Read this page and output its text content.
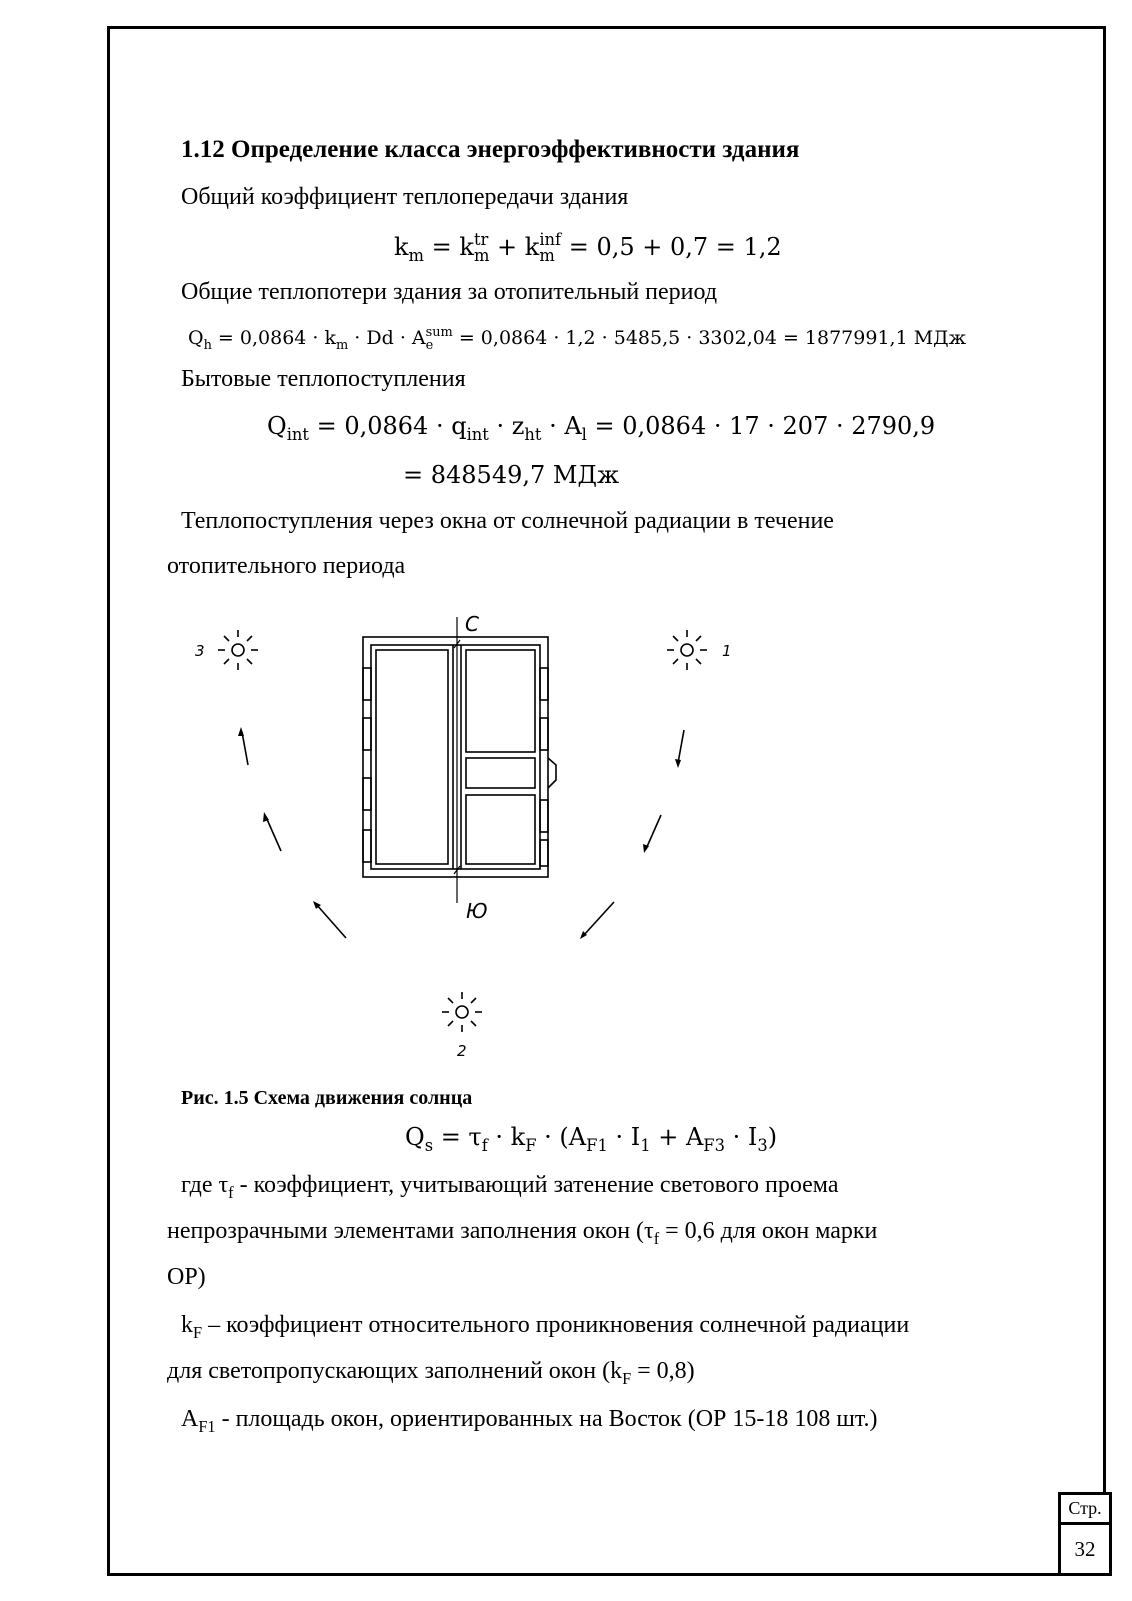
1.12 Определение класса энергоэффективности здания
Общий коэффициент теплопередачи здания
$k_m = k$ tr
m + k inf
m = 0,5 + 0,7 = 1,2
Общие теплопотери здания за отопительный период
$Q_h = 0,0864 \cdot k_m \cdot Dd \cdot A$ sum
e	= 0,0864 · 1,2 · 5485,5 · 3302,04 = 1877991,1 МДж
Бытовые теплопоступления
$Q_{int} = 0,0864 \cdot q_{int} \cdot z_{ht} \cdot A_l = 0,0864 \cdot 17 \cdot 207 \cdot 2790,9$
= 848549,7 МДж
Теплопоступления через окна от солнечной радиации в течение
отопительного периода
С
Ю
3	1
2
Рис. 1.5 Схема движения солнца
$Q_s = \tau_f \cdot k_F \cdot (A_{F1} \cdot I_1 + A_{F3} \cdot I_3)$
где $\tau_f$ - коэффициент, учитывающий затенение светового проема
непрозрачными элементами заполнения окон ($\tau_f = 0,6$ для окон марки
ОР)
$k_F$ – коэффициент относительного проникновения солнечной радиации
для светопропускающих заполнений окон $(k_F = 0,8)$
$A_{F1}$ - площадь окон, ориентированных на Восток (ОР 15-18 108 шт.)
Стр.
32
